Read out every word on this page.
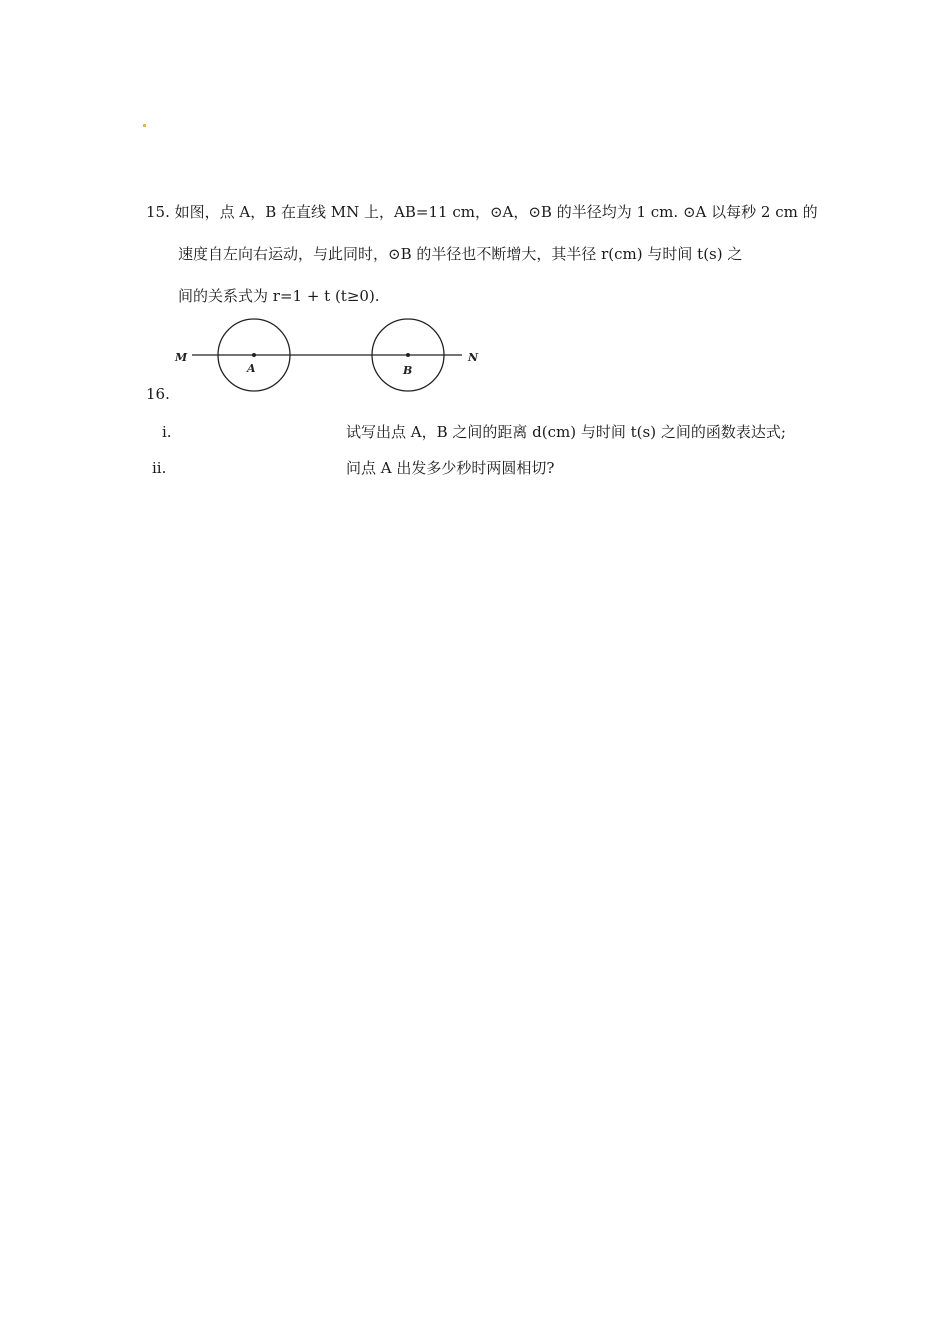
15. 如图，点 A，B 在直线 MN 上，AB=11 cm，⊙A，⊙B 的半径均为 1 cm. ⊙A 以每秒 2 cm 的
速度自左向右运动，与此同时，⊙B 的半径也不断增大，其半径 r(cm) 与时间 t(s) 之
间的关系式为 r=1 + t (t≥0).
M	N
A	B
16.
i.	试写出点 A，B 之间的距离 d(cm) 与时间 t(s) 之间的函数表达式;
ii.	问点 A 出发多少秒时两圆相切?
